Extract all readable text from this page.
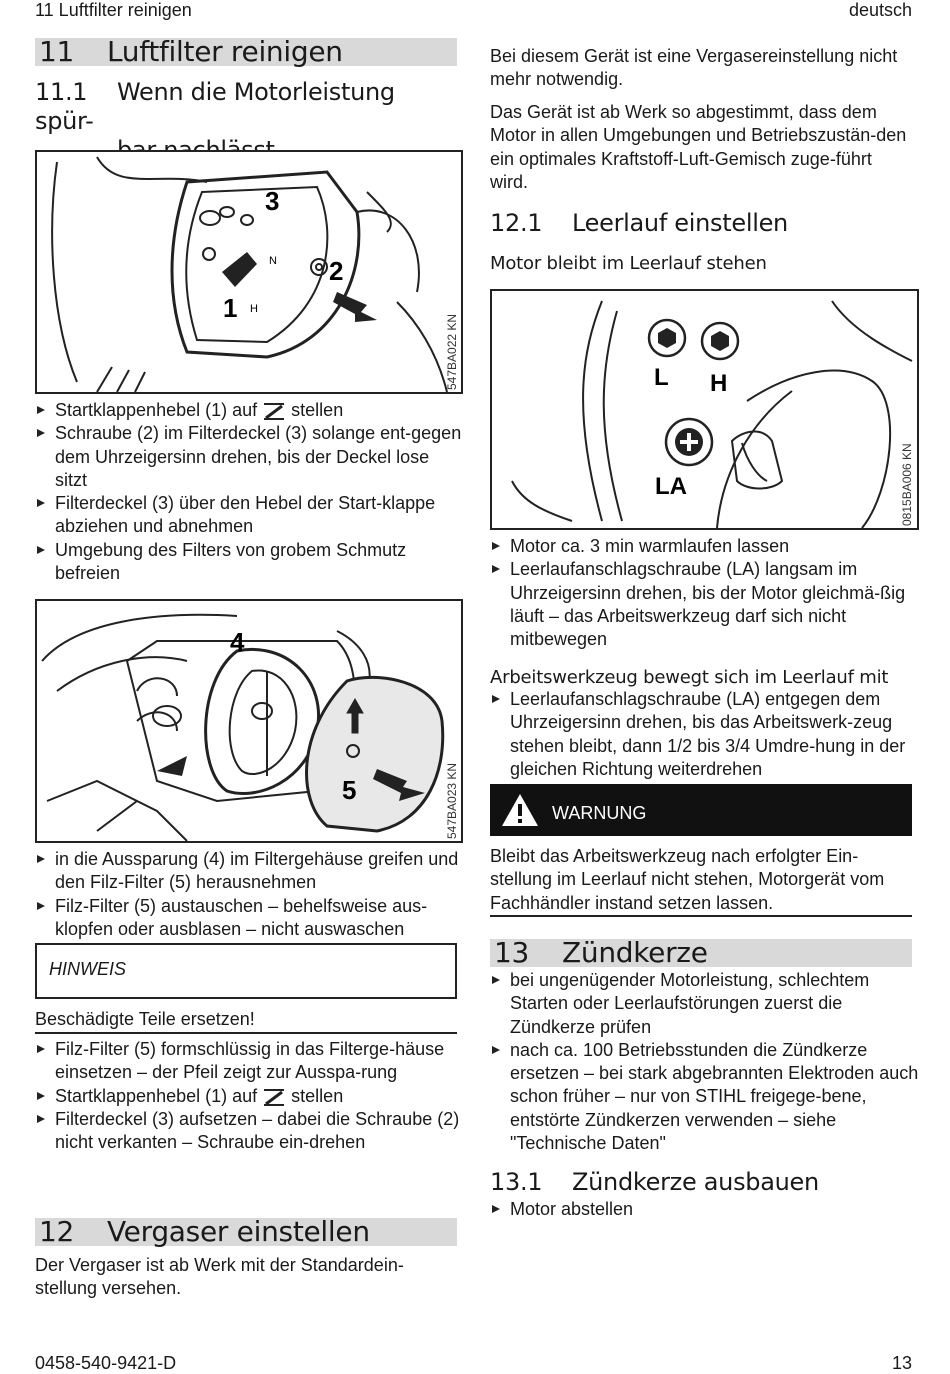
11 Luftfilter reinigen	deutsch
11 Luftfilter reinigen
11.1 Wenn die Motorleistung spür-
3
2
1 H
N
547BA022 KN
Startklappenhebel (1) auf stellen
Schraube (2) im Filterdeckel (3) solange ent-gegen dem Uhrzeigersinn drehen, bis der Deckel lose sitzt
Filterdeckel (3) über den Hebel der Start-klappe abziehen und abnehmen
Umgebung des Filters von grobem Schmutz befreien
4
5	547BA023 KN
in die Aussparung (4) im Filtergehäuse greifen und den Filz-Filter (5) herausnehmen
Filz-Filter (5) austauschen – behelfsweise aus-klopfen oder ausblasen – nicht auswaschen
HINWEIS
Beschädigte Teile ersetzen!
Filz-Filter (5) formschlüssig in das Filterge-häuse einsetzen – der Pfeil zeigt zur Ausspa-rung
Startklappenhebel (1) auf stellen
Filterdeckel (3) aufsetzen – dabei die Schraube (2) nicht verkanten – Schraube ein-drehen
12 Vergaser einstellen
Der Vergaser ist ab Werk mit der Standardein-stellung versehen.
Bei diesem Gerät ist eine Vergasereinstellung nicht mehr notwendig.
Das Gerät ist ab Werk so abgestimmt, dass dem Motor in allen Umgebungen und Betriebszustän-den ein optimales Kraftstoff-Luft-Gemisch zuge-führt wird.
12.1 Leerlauf einstellen
Motor bleibt im Leerlauf stehen
L H
LA	0815BA006 KN
Motor ca. 3 min warmlaufen lassen
Leerlaufanschlagschraube (LA) langsam im Uhrzeigersinn drehen, bis der Motor gleichmä-ßig läuft – das Arbeitswerkzeug darf sich nicht mitbewegen
Arbeitswerkzeug bewegt sich im Leerlauf mit
Leerlaufanschlagschraube (LA) entgegen dem Uhrzeigersinn drehen, bis das Arbeitswerk-zeug stehen bleibt, dann 1/2 bis 3/4 Umdre-hung in der gleichen Richtung weiterdrehen
WARNUNG
Bleibt das Arbeitswerkzeug nach erfolgter Ein-stellung im Leerlauf nicht stehen, Motorgerät vom Fachhändler instand setzen lassen.
13 Zündkerze
bei ungenügender Motorleistung, schlechtem Starten oder Leerlaufstörungen zuerst die Zündkerze prüfen
nach ca. 100 Betriebsstunden die Zündkerze ersetzen – bei stark abgebrannten Elektroden auch schon früher – nur von STIHL freigege-bene, entstörte Zündkerzen verwenden – siehe "Technische Daten"
13.1 Zündkerze ausbauen
Motor abstellen
0458-540-9421-D	13
